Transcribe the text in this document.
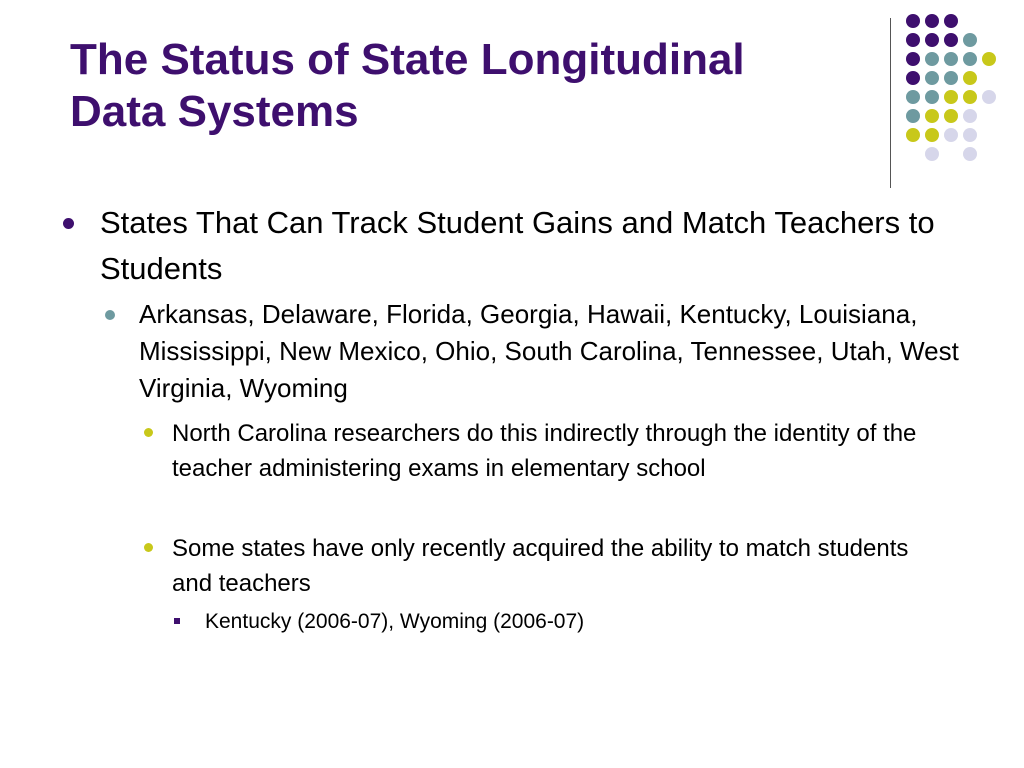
The Status of State Longitudinal
Data Systems
States That Can Track Student Gains and Match Teachers to Students
Arkansas, Delaware, Florida, Georgia, Hawaii, Kentucky, Louisiana, Mississippi, New Mexico, Ohio, South Carolina, Tennessee, Utah, West Virginia, Wyoming
North Carolina researchers do this indirectly through the identity of the teacher administering exams in elementary school
Some states have only recently acquired the ability to match students and teachers
Kentucky (2006-07), Wyoming (2006-07)
